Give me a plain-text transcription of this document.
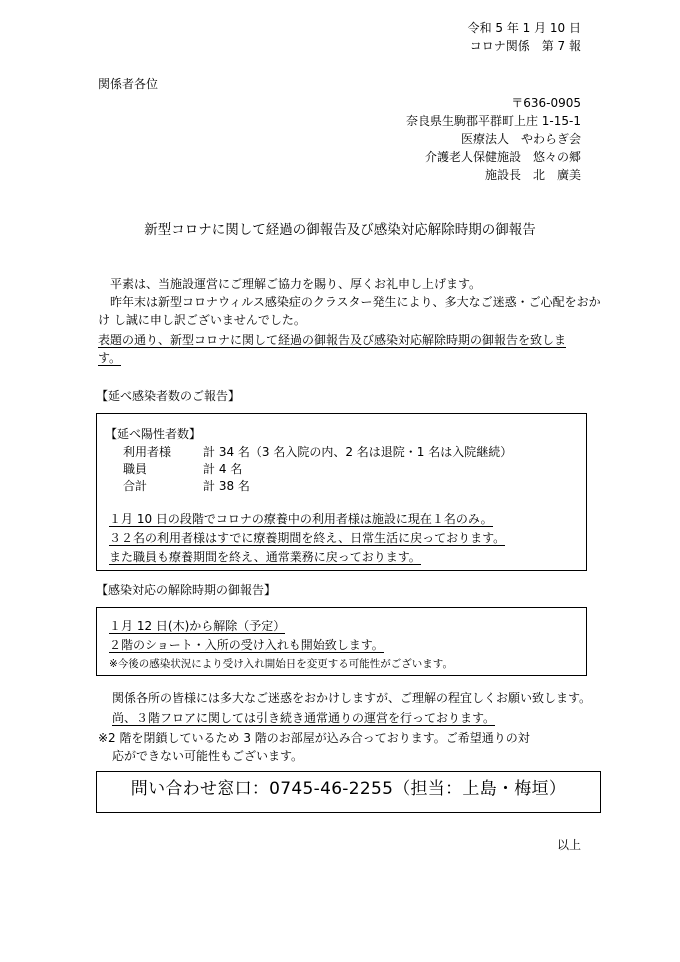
令和 5 年 1 月 10 日
コロナ関係　第 7 報
関係者各位
〒636-0905
奈良県生駒郡平群町上庄 1-15-1
医療法人　やわらぎ会
介護老人保健施設　悠々の郷
施設長　北　廣美
新型コロナに関して経過の御報告及び感染対応解除時期の御報告
平素は、当施設運営にご理解ご協力を賜り、厚くお礼申し上げます。
昨年末は新型コロナウィルス感染症のクラスター発生により、多大なご迷惑・ご心配をおか
け し誠に申し訳ございませんでした。
表題の通り、新型コロナに関して経過の御報告及び感染対応解除時期の御報告を致しま
す。
【延べ感染者数のご報告】
【延べ陽性者数】
利用者様	計 34 名（3 名入院の内、2 名は退院・1 名は入院継続）
職員	計 4 名
合計	計 38 名
１月 10 日の段階でコロナの療養中の利用者様は施設に現在１名のみ。
３２名の利用者様はすでに療養期間を終え、日常生活に戻っております。
また職員も療養期間を終え、通常業務に戻っております。
【感染対応の解除時期の御報告】
１月 12 日(木)から解除（予定）
２階のショート・入所の受け入れも開始致します。
※今後の感染状況により受け入れ開始日を変更する可能性がございます。
関係各所の皆様には多大なご迷惑をおかけしますが、ご理解の程宜しくお願い致します。
尚、３階フロアに関しては引き続き通常通りの運営を行っております。
※2 階を閉鎖しているため 3 階のお部屋が込み合っております。ご希望通りの対
応ができない可能性もございます。
問い合わせ窓口：0745-46-2255（担当：上島・梅垣）
以上
